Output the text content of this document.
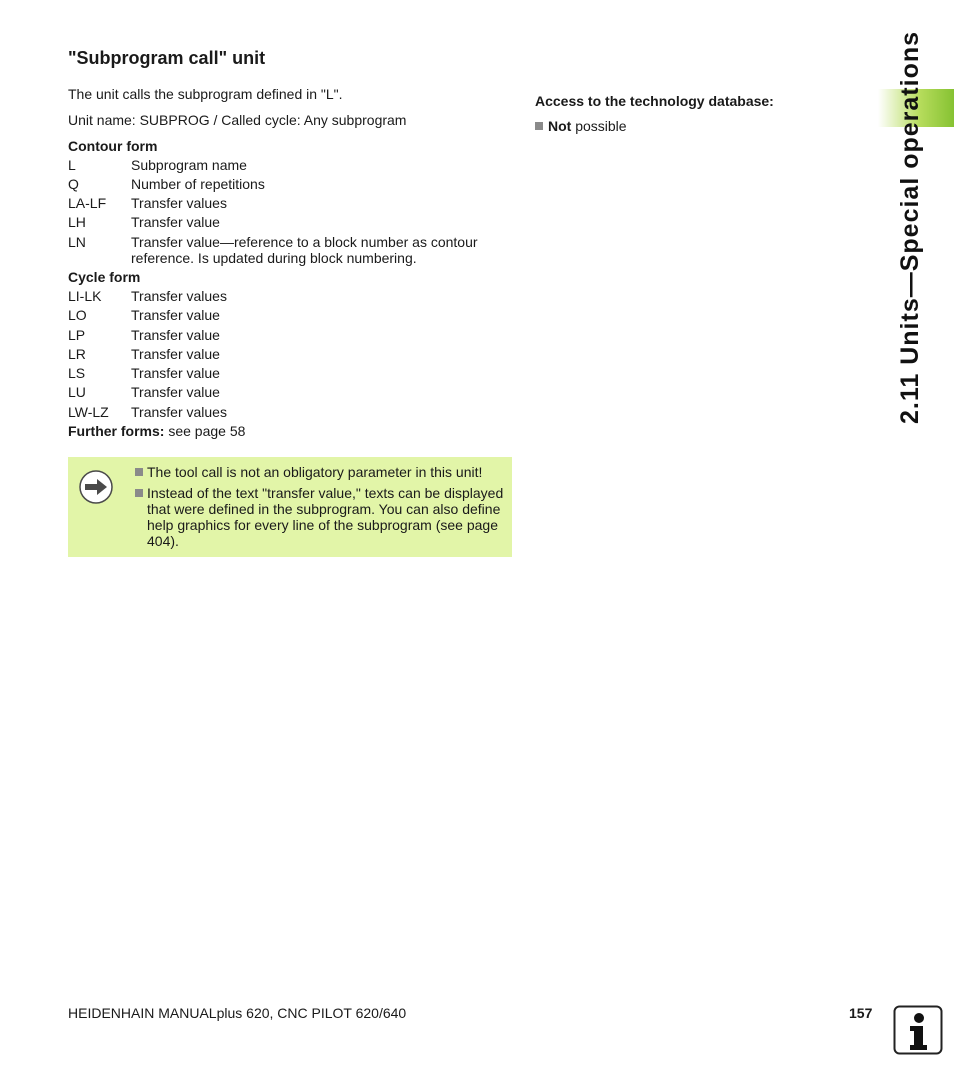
"Subprogram call" unit
The unit calls the subprogram defined in "L".
Unit name: SUBPROG / Called cycle: Any subprogram
Contour form
L	Subprogram name
Q	Number of repetitions
LA-LF Transfer values
LH	Transfer value
LN	Transfer value—reference to a block number as contour reference. Is updated during block numbering.
Cycle form
LI-LK Transfer values
LO	Transfer value
LP	Transfer value
LR	Transfer value
LS	Transfer value
LU	Transfer value
LW-LZ Transfer values
Further forms: see page 58
The tool call is not an obligatory parameter in this unit!
Instead of the text "transfer value," texts can be displayed that were defined in the subprogram. You can also define help graphics for every line of the subprogram (see page 404).
Access to the technology database:
Not possible	2.11 Units—Special operations
HEIDENHAIN MANUALplus 620, CNC PILOT 620/640	157
